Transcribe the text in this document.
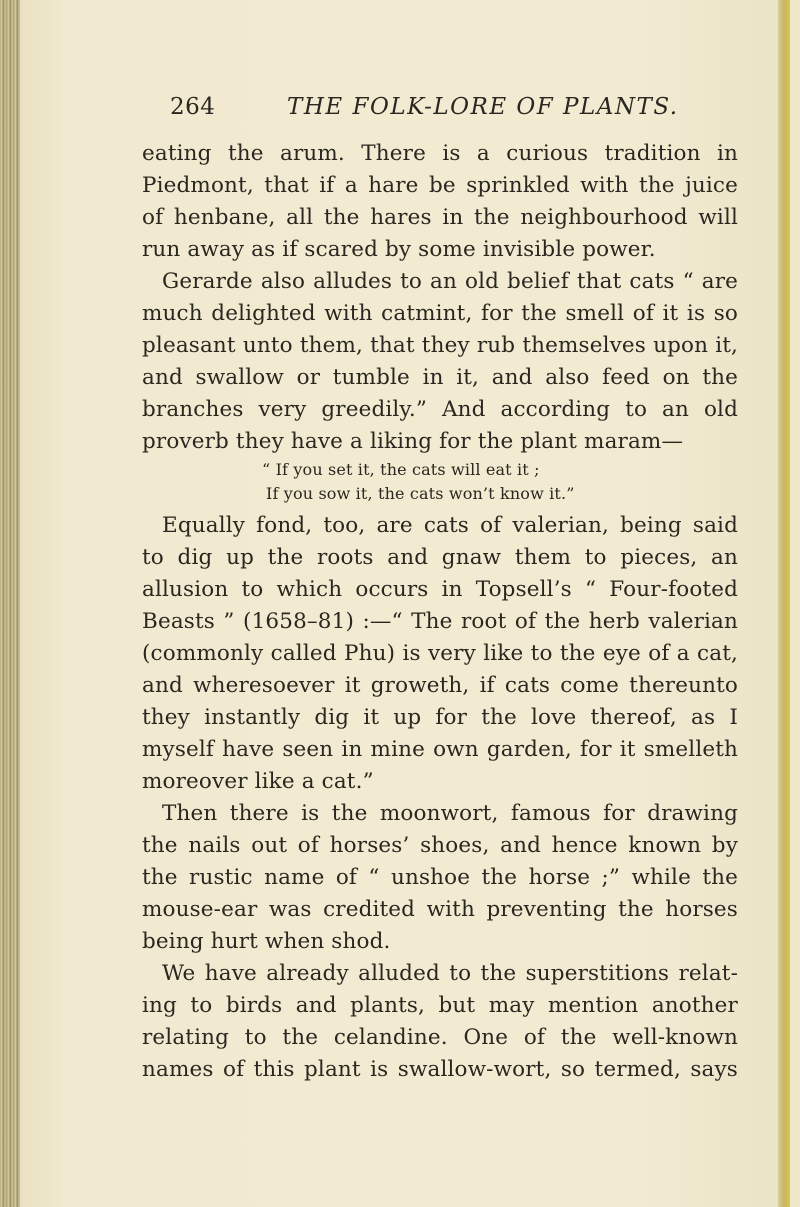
264	THE FOLK-LORE OF PLANTS.
eating the arum. There is a curious tradition in
Piedmont, that if a hare be sprinkled with the juice
of henbane, all the hares in the neighbourhood will
run away as if scared by some invisible power.
Gerarde also alludes to an old belief that cats “ are
much delighted with catmint, for the smell of it is so
pleasant unto them, that they rub themselves upon it,
and swallow or tumble in it, and also feed on the
branches very greedily.” And according to an old
proverb they have a liking for the plant maram—
“ If you set it, the cats will eat it ;
If you sow it, the cats won’t know it.”
Equally fond, too, are cats of valerian, being said
to dig up the roots and gnaw them to pieces, an
allusion to which occurs in Topsell’s “ Four-footed
Beasts ” (1658–81) :—“ The root of the herb valerian
(commonly called Phu) is very like to the eye of a cat,
and wheresoever it groweth, if cats come thereunto
they instantly dig it up for the love thereof, as I
myself have seen in mine own garden, for it smelleth
moreover like a cat.”
Then there is the moonwort, famous for drawing
the nails out of horses’ shoes, and hence known by
the rustic name of “ unshoe the horse ;” while the
mouse-ear was credited with preventing the horses
being hurt when shod.
We have already alluded to the superstitions relat-
ing to birds and plants, but may mention another
relating to the celandine. One of the well-known
names of this plant is swallow-wort, so termed, says
